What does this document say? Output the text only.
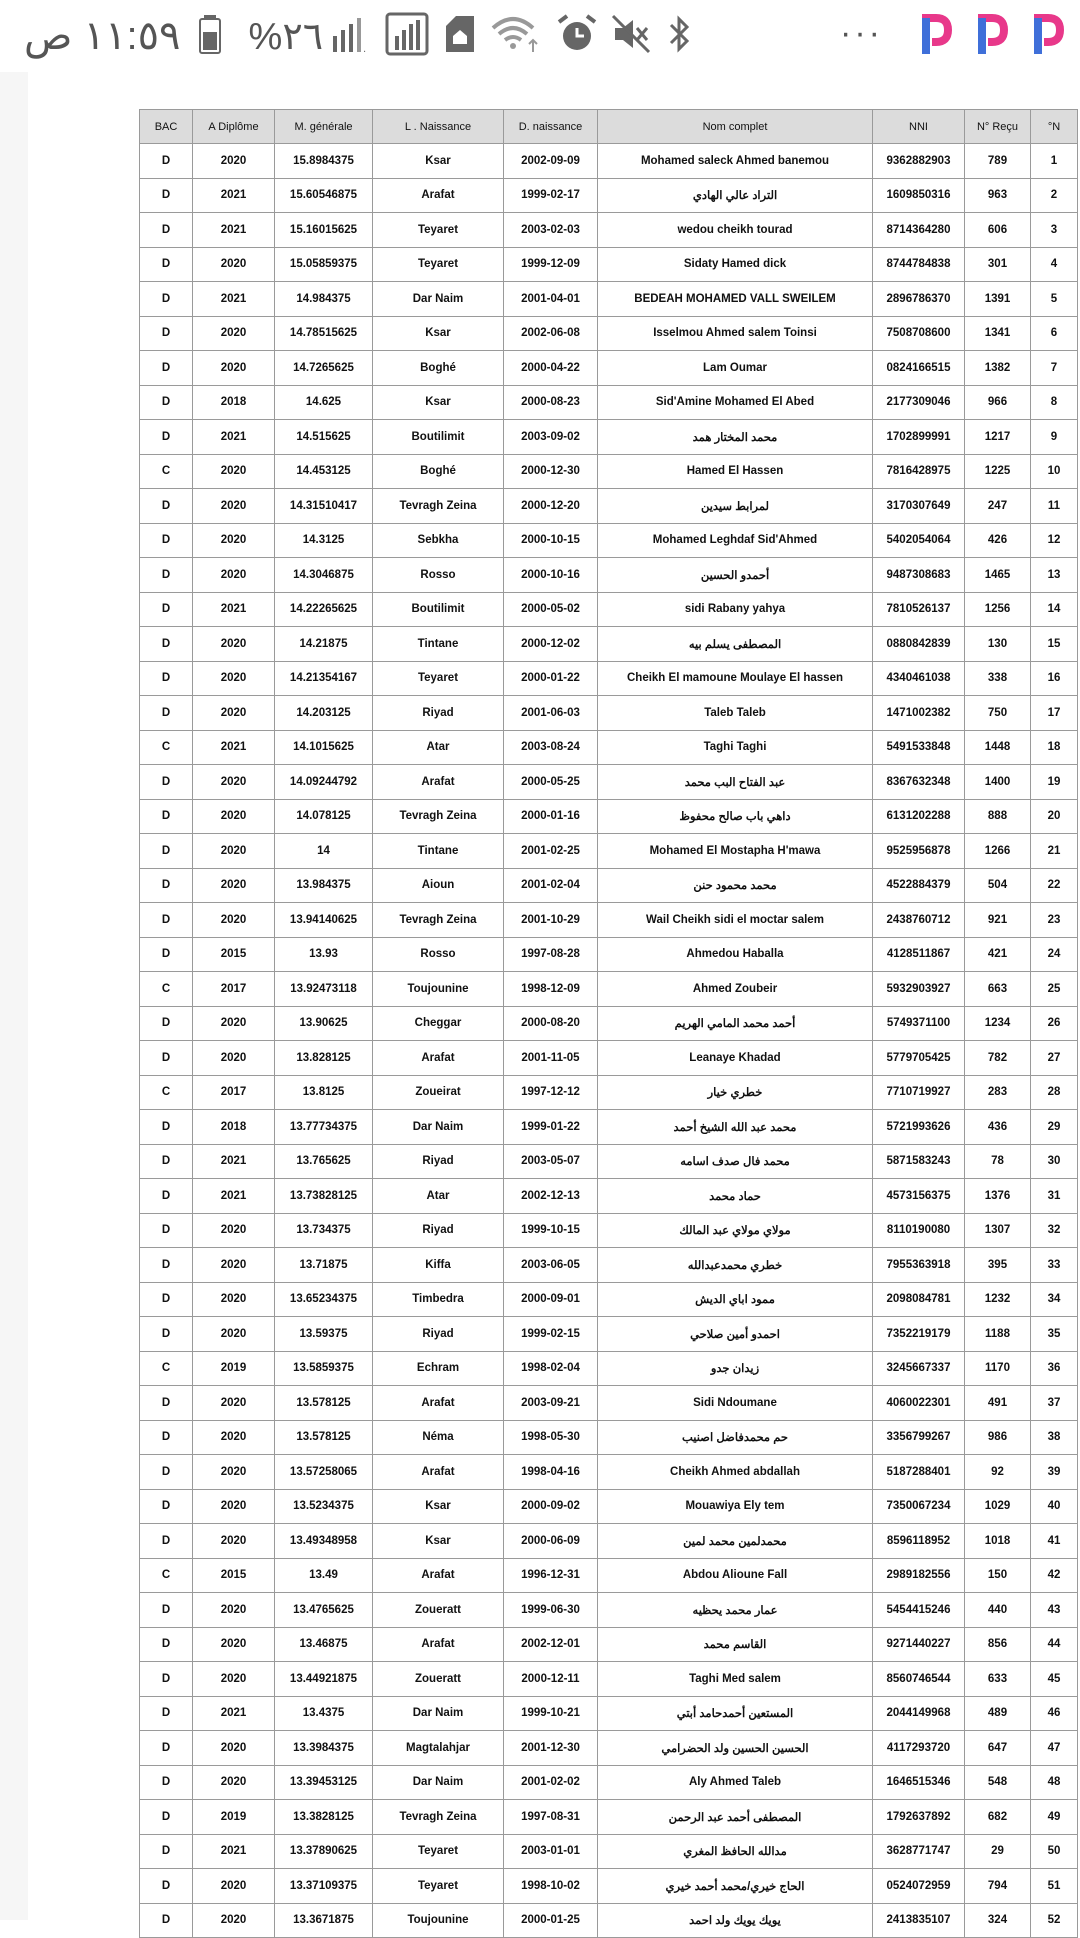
١١:٥٩ ص %٢٦	.	···
BAC	A Diplôme	M. générale	L . Naissance	D. naissance	Nom complet	NNI	N° Reçu	°N
D	2020	15.8984375	Ksar	2002-09-09	Mohamed saleck Ahmed banemou	9362882903	789	1
D	2021	15.60546875	Arafat	1999-02-17	التراد عالي الهادي	1609850316	963	2
D	2021	15.16015625	Teyaret	2003-02-03	wedou cheikh tourad	8714364280	606	3
D	2020	15.05859375	Teyaret	1999-12-09	Sidaty Hamed dick	8744784838	301	4
D	2021	14.984375	Dar Naim	2001-04-01	BEDEAH MOHAMED VALL SWEILEM	2896786370	1391	5
D	2020	14.78515625	Ksar	2002-06-08	Isselmou Ahmed salem Toinsi	7508708600	1341	6
D	2020	14.7265625	Boghé	2000-04-22	Lam Oumar	0824166515	1382	7
D	2018	14.625	Ksar	2000-08-23	Sid'Amine Mohamed El Abed	2177309046	966	8
D	2021	14.515625	Boutilimit	2003-09-02	محمد المختار همد	1702899991	1217	9
C	2020	14.453125	Boghé	2000-12-30	Hamed El Hassen	7816428975	1225	10
D	2020	14.31510417	Tevragh Zeina	2000-12-20	لمرابط سيدين	3170307649	247	11
D	2020	14.3125	Sebkha	2000-10-15	Mohamed Leghdaf Sid'Ahmed	5402054064	426	12
D	2020	14.3046875	Rosso	2000-10-16	أحمدو الحسين	9487308683	1465	13
D	2021	14.22265625	Boutilimit	2000-05-02	sidi Rabany yahya	7810526137	1256	14
D	2020	14.21875	Tintane	2000-12-02	المصطفى يسلم بيه	0880842839	130	15
D	2020	14.21354167	Teyaret	2000-01-22	Cheikh El mamoune Moulaye El hassen	4340461038	338	16
D	2020	14.203125	Riyad	2001-06-03	Taleb Taleb	1471002382	750	17
C	2021	14.1015625	Atar	2003-08-24	Taghi Taghi	5491533848	1448	18
D	2020	14.09244792	Arafat	2000-05-25	عبد الفتاح البب محمد	8367632348	1400	19
D	2020	14.078125	Tevragh Zeina	2000-01-16	داهي باب صالح محفوظ	6131202288	888	20
D	2020	14	Tintane	2001-02-25	Mohamed El Mostapha H'mawa	9525956878	1266	21
D	2020	13.984375	Aioun	2001-02-04	محمد محمود حنن	4522884379	504	22
D	2020	13.94140625	Tevragh Zeina	2001-10-29	Wail Cheikh sidi el moctar salem	2438760712	921	23
D	2015	13.93	Rosso	1997-08-28	Ahmedou Haballa	4128511867	421	24
C	2017	13.92473118	Toujounine	1998-12-09	Ahmed Zoubeir	5932903927	663	25
D	2020	13.90625	Cheggar	2000-08-20	أحمد محمد المامي الهريم	5749371100	1234	26
D	2020	13.828125	Arafat	2001-11-05	Leanaye Khadad	5779705425	782	27
C	2017	13.8125	Zoueirat	1997-12-12	خطري خيار	7710719927	283	28
D	2018	13.77734375	Dar Naim	1999-01-22	محمد عبد الله الشيخ أحمد	5721993626	436	29
D	2021	13.765625	Riyad	2003-05-07	محمد فال صدف اسامه	5871583243	78	30
D	2021	13.73828125	Atar	2002-12-13	حماد محمد	4573156375	1376	31
D	2020	13.734375	Riyad	1999-10-15	مولاي مولاي عبد المالك	8110190080	1307	32
D	2020	13.71875	Kiffa	2003-06-05	خطري محمدعبدالله	7955363918	395	33
D	2020	13.65234375	Timbedra	2000-09-01	ممود اباي الديش	2098084781	1232	34
D	2020	13.59375	Riyad	1999-02-15	احمدو أمين صلاحي	7352219179	1188	35
C	2019	13.5859375	Echram	1998-02-04	زيدان جدو	3245667337	1170	36
D	2020	13.578125	Arafat	2003-09-21	Sidi Ndoumane	4060022301	491	37
D	2020	13.578125	Néma	1998-05-30	حم محمدفاضل اصنيب	3356799267	986	38
D	2020	13.57258065	Arafat	1998-04-16	Cheikh Ahmed abdallah	5187288401	92	39
D	2020	13.5234375	Ksar	2000-09-02	Mouawiya Ely tem	7350067234	1029	40
D	2020	13.49348958	Ksar	2000-06-09	محمدلمين محمد لمين	8596118952	1018	41
C	2015	13.49	Arafat	1996-12-31	Abdou Alioune Fall	2989182556	150	42
D	2020	13.4765625	Zoueratt	1999-06-30	عمار محمد يحظيه	5454415246	440	43
D	2020	13.46875	Arafat	2002-12-01	القاسم محمد	9271440227	856	44
D	2020	13.44921875	Zoueratt	2000-12-11	Taghi Med salem	8560746544	633	45
D	2021	13.4375	Dar Naim	1999-10-21	المستعين أحمدحامد أبتي	2044149968	489	46
D	2020	13.3984375	Magtalahjar	2001-12-30	الحسين الحسين ولد الحضرامي	4117293720	647	47
D	2020	13.39453125	Dar Naim	2001-02-02	Aly Ahmed Taleb	1646515346	548	48
D	2019	13.3828125	Tevragh Zeina	1997-08-31	المصطفى أحمد عبد الرحمن	1792637892	682	49
D	2021	13.37890625	Teyaret	2003-01-01	مدالله الحافظ المغري	3628771747	29	50
D	2020	13.37109375	Teyaret	1998-10-02	الحاج خيري/محمد أحمد خيري	0524072959	794	51
D	2020	13.3671875	Toujounine	2000-01-25	يويك يويك ولد احمد	2413835107	324	52
